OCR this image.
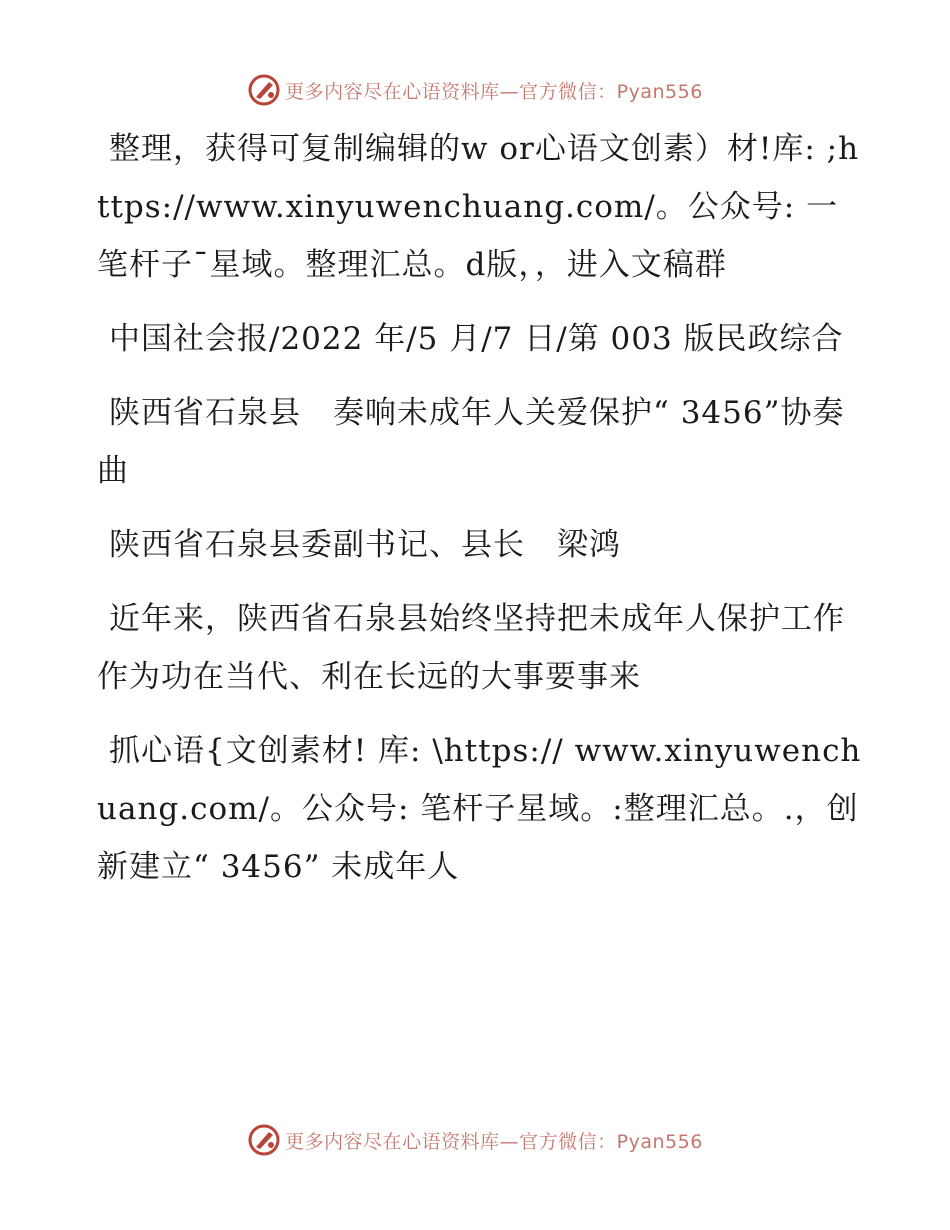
更多内容尽在心语资料库—官方微信：Pyan556

整理，获得可复制编辑的w or心语文创素）材!库: ;https://www.xinyuwenchuang.com/。公众号: 一笔杆子¯星域。整理汇总。d版，，进入文稿群

中国社会报/2022 年/5 月/7 日/第 003 版民政综合

陕西省石泉县　奏响未成年人关爱保护“ 3456”协奏曲

陕西省石泉县委副书记、县长　梁鸿

近年来，陕西省石泉县始终坚持把未成年人保护工作作为功在当代、利在长远的大事要事来

抓心语{文创素材! 库: \https:// www.xinyuwenchuang.com/。公众号: 笔杆子星域。:整理汇总。.，创新建立“ 3456” 未成年人

更多内容尽在心语资料库—官方微信：Pyan556
